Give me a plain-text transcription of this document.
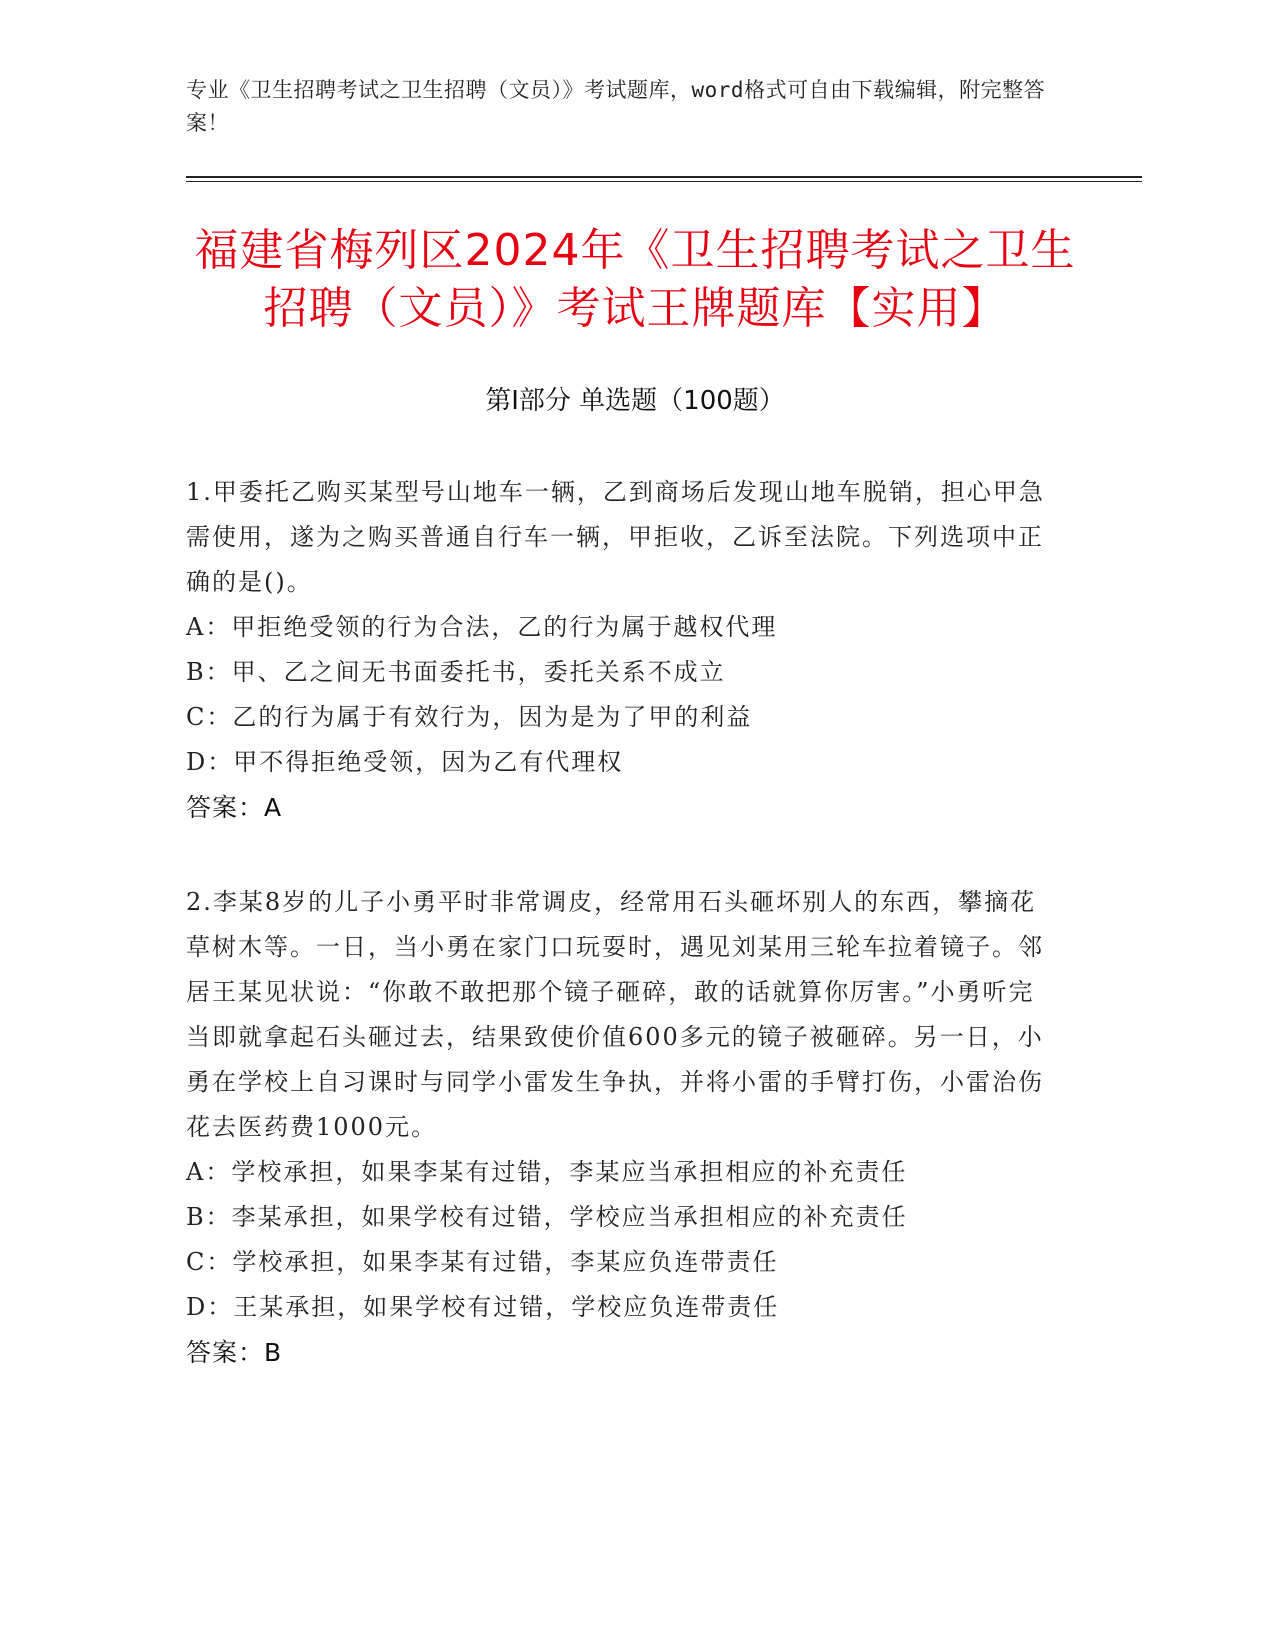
专业《卫生招聘考试之卫生招聘（文员）》考试题库，word格式可自由下载编辑，附完整答案！
福建省梅列区2024年《卫生招聘考试之卫生招聘（文员）》考试王牌题库【实用】
第Ⅰ部分 单选题（100题）

1.甲委托乙购买某型号山地车一辆，乙到商场后发现山地车脱销，担心甲急需使用，遂为之购买普通自行车一辆，甲拒收，乙诉至法院。下列选项中正确的是()。

A：甲拒绝受领的行为合法，乙的行为属于越权代理

B：甲、乙之间无书面委托书，委托关系不成立

C：乙的行为属于有效行为，因为是为了甲的利益

D：甲不得拒绝受领，因为乙有代理权

答案：A

2.李某8岁的儿子小勇平时非常调皮，经常用石头砸坏别人的东西，攀摘花草树木等。一日，当小勇在家门口玩耍时，遇见刘某用三轮车拉着镜子。邻居王某见状说：“你敢不敢把那个镜子砸碎，敢的话就算你厉害。”小勇听完当即就拿起石头砸过去，结果致使价值600多元的镜子被砸碎。另一日，小勇在学校上自习课时与同学小雷发生争执，并将小雷的手臂打伤，小雷治伤花去医药费1000元。

A：学校承担，如果李某有过错，李某应当承担相应的补充责任

B：李某承担，如果学校有过错，学校应当承担相应的补充责任

C：学校承担，如果李某有过错，李某应负连带责任

D：王某承担，如果学校有过错，学校应负连带责任

答案：B
